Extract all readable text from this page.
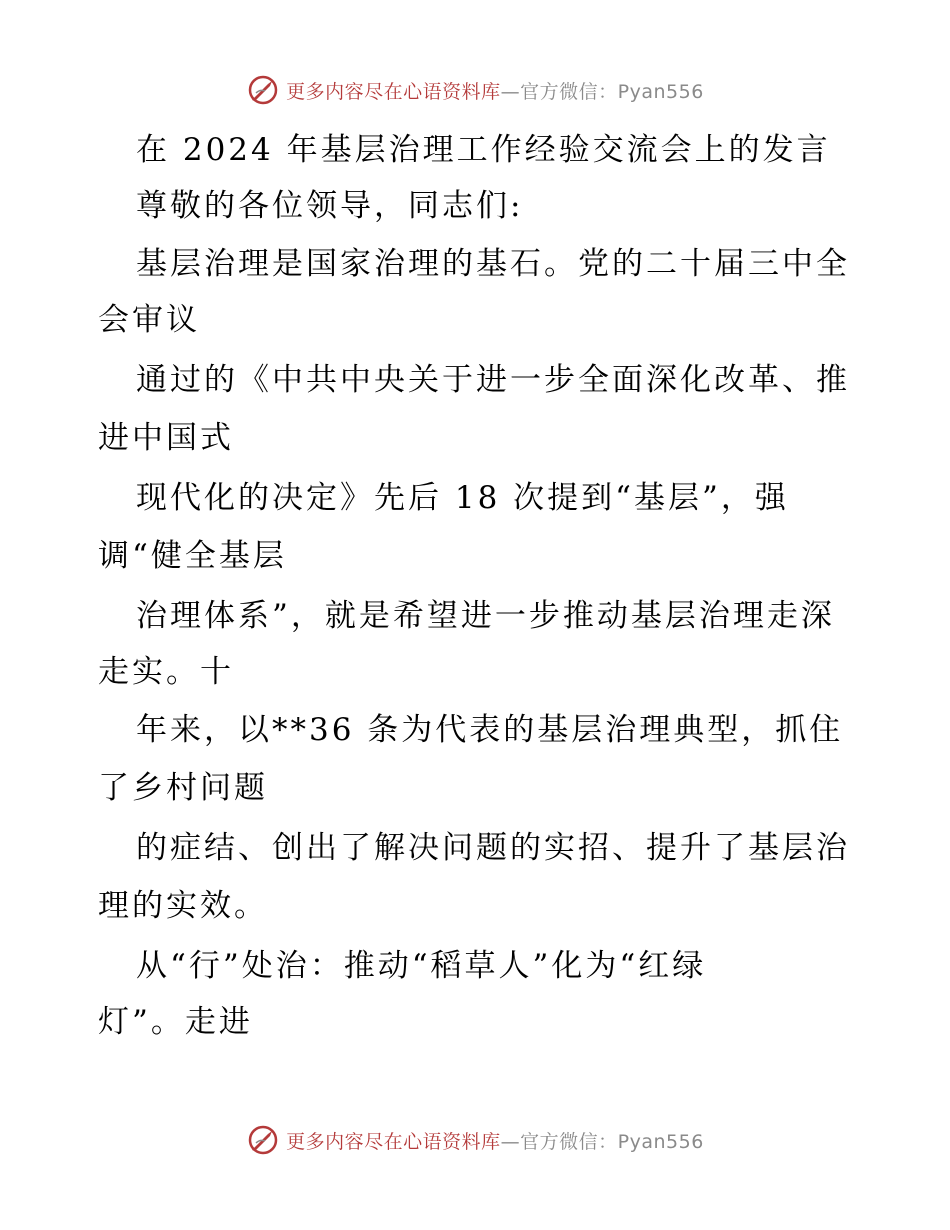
更多内容尽在心语资料库—官方微信：Pyan556
在 2024 年基层治理工作经验交流会上的发言
尊敬的各位领导，同志们:
基层治理是国家治理的基石。党的二十届三中全
会审议
通过的《中共中央关于进一步全面深化改革、推
进中国式
现代化的决定》先后 18 次提到“基层”，强
调“健全基层
治理体系”，就是希望进一步推动基层治理走深
走实。十
年来，以**36 条为代表的基层治理典型，抓住
了乡村问题
的症结、创出了解决问题的实招、提升了基层治
理的实效。
从“行”处治：推动“稻草人”化为“红绿
灯”。走进
更多内容尽在心语资料库—官方微信：Pyan556
